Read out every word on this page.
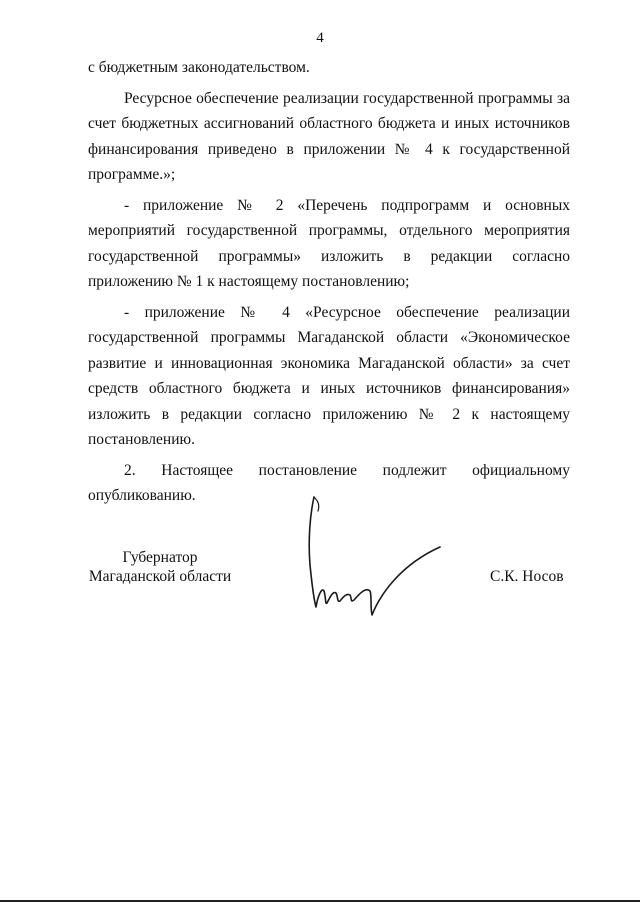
4

с бюджетным законодательством.

Ресурсное обеспечение реализации государственной программы за счет бюджетных ассигнований областного бюджета и иных источников финансирования приведено в приложении № 4 к государственной программе.»;

- приложение № 2 «Перечень подпрограмм и основных мероприятий государственной программы, отдельного мероприятия государственной программы» изложить в редакции согласно приложению № 1 к настоящему постановлению;

- приложение № 4 «Ресурсное обеспечение реализации государственной программы Магаданской области «Экономическое развитие и инновационная экономика Магаданской области» за счет средств областного бюджета и иных источников финансирования» изложить в редакции согласно приложению № 2 к настоящему постановлению.

2. Настоящее постановление подлежит официальному опубликованию.

Губернатор
Магаданской области	С.К. Носов
